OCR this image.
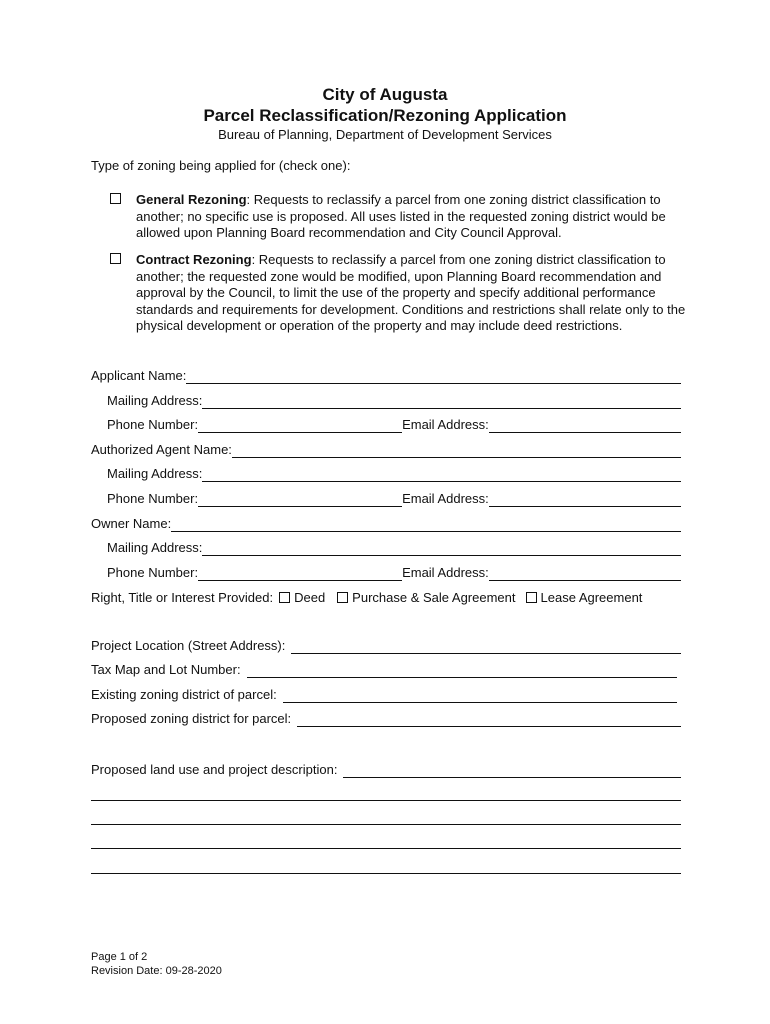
City of Augusta
Parcel Reclassification/Rezoning Application
Bureau of Planning, Department of Development Services
Type of zoning being applied for (check one):
General Rezoning: Requests to reclassify a parcel from one zoning district classification to another; no specific use is proposed. All uses listed in the requested zoning district would be allowed upon Planning Board recommendation and City Council Approval.
Contract Rezoning: Requests to reclassify a parcel from one zoning district classification to another; the requested zone would be modified, upon Planning Board recommendation and approval by the Council, to limit the use of the property and specify additional performance standards and requirements for development. Conditions and restrictions shall relate only to the physical development or operation of the property and may include deed restrictions.
Applicant Name:
Mailing Address:
Phone Number:	Email Address:
Authorized Agent Name:
Mailing Address:
Phone Number:	Email Address:
Owner Name:
Mailing Address:
Phone Number:	Email Address:
Right, Title or Interest Provided: Deed Purchase & Sale Agreement Lease Agreement
Project Location (Street Address):
Tax Map and Lot Number:
Existing zoning district of parcel:
Proposed zoning district for parcel:
Proposed land use and project description:
Page 1 of 2
Revision Date: 09-28-2020
